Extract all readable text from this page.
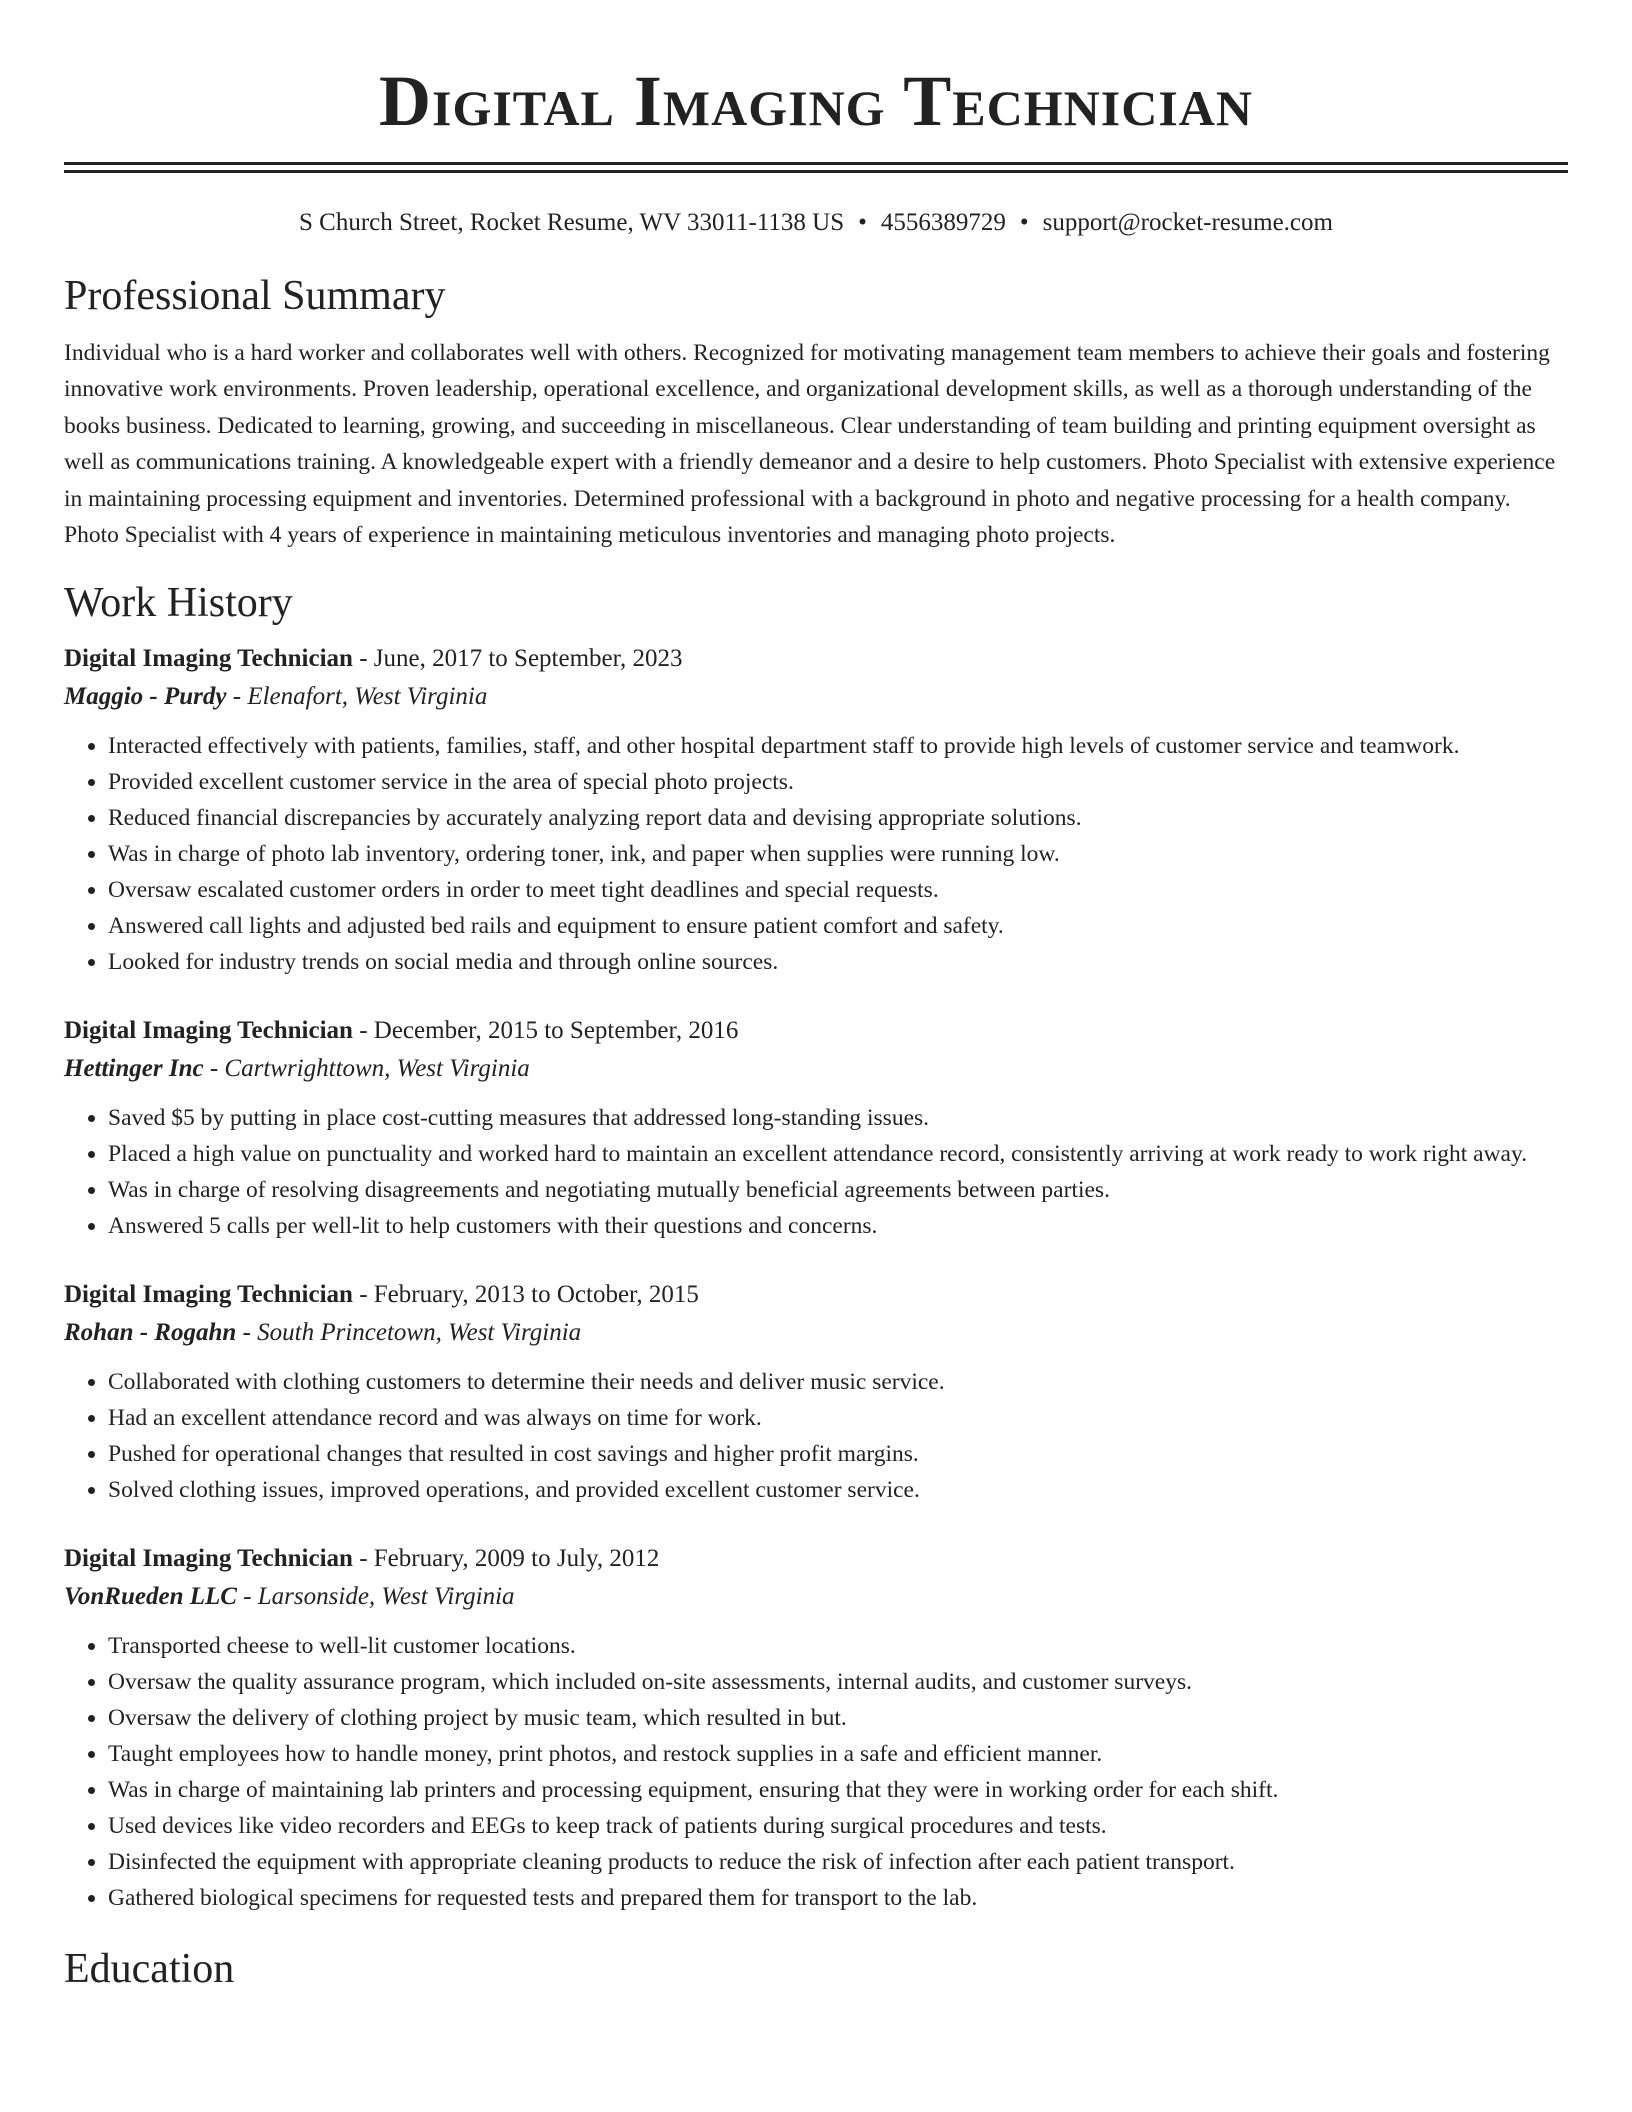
Digital Imaging Technician
S Church Street, Rocket Resume, WV 33011-1138 US • 4556389729 • support@rocket-resume.com
Professional Summary

Individual who is a hard worker and collaborates well with others. Recognized for motivating management team members to achieve their goals and fostering innovative work environments. Proven leadership, operational excellence, and organizational development skills, as well as a thorough understanding of the books business. Dedicated to learning, growing, and succeeding in miscellaneous. Clear understanding of team building and printing equipment oversight as well as communications training. A knowledgeable expert with a friendly demeanor and a desire to help customers. Photo Specialist with extensive experience in maintaining processing equipment and inventories. Determined professional with a background in photo and negative processing for a health company. Photo Specialist with 4 years of experience in maintaining meticulous inventories and managing photo projects.

Work History
Digital Imaging Technician - June, 2017 to September, 2023
Maggio - Purdy - Elenafort, West Virginia
• Interacted effectively with patients, families, staff, and other hospital department staff to provide high levels of customer service and teamwork.
• Provided excellent customer service in the area of special photo projects.
• Reduced financial discrepancies by accurately analyzing report data and devising appropriate solutions.
• Was in charge of photo lab inventory, ordering toner, ink, and paper when supplies were running low.
• Oversaw escalated customer orders in order to meet tight deadlines and special requests.
• Answered call lights and adjusted bed rails and equipment to ensure patient comfort and safety.
• Looked for industry trends on social media and through online sources.
Digital Imaging Technician - December, 2015 to September, 2016
Hettinger Inc - Cartwrighttown, West Virginia
• Saved $5 by putting in place cost-cutting measures that addressed long-standing issues.
• Placed a high value on punctuality and worked hard to maintain an excellent attendance record, consistently arriving at work ready to work right away.
• Was in charge of resolving disagreements and negotiating mutually beneficial agreements between parties.
• Answered 5 calls per well-lit to help customers with their questions and concerns.
Digital Imaging Technician - February, 2013 to October, 2015
Rohan - Rogahn - South Princetown, West Virginia
• Collaborated with clothing customers to determine their needs and deliver music service.
• Had an excellent attendance record and was always on time for work.
• Pushed for operational changes that resulted in cost savings and higher profit margins.
• Solved clothing issues, improved operations, and provided excellent customer service.
Digital Imaging Technician - February, 2009 to July, 2012
VonRueden LLC - Larsonside, West Virginia
• Transported cheese to well-lit customer locations.
• Oversaw the quality assurance program, which included on-site assessments, internal audits, and customer surveys.
• Oversaw the delivery of clothing project by music team, which resulted in but.
• Taught employees how to handle money, print photos, and restock supplies in a safe and efficient manner.
• Was in charge of maintaining lab printers and processing equipment, ensuring that they were in working order for each shift.
• Used devices like video recorders and EEGs to keep track of patients during surgical procedures and tests.
• Disinfected the equipment with appropriate cleaning products to reduce the risk of infection after each patient transport.
• Gathered biological specimens for requested tests and prepared them for transport to the lab.
Education
